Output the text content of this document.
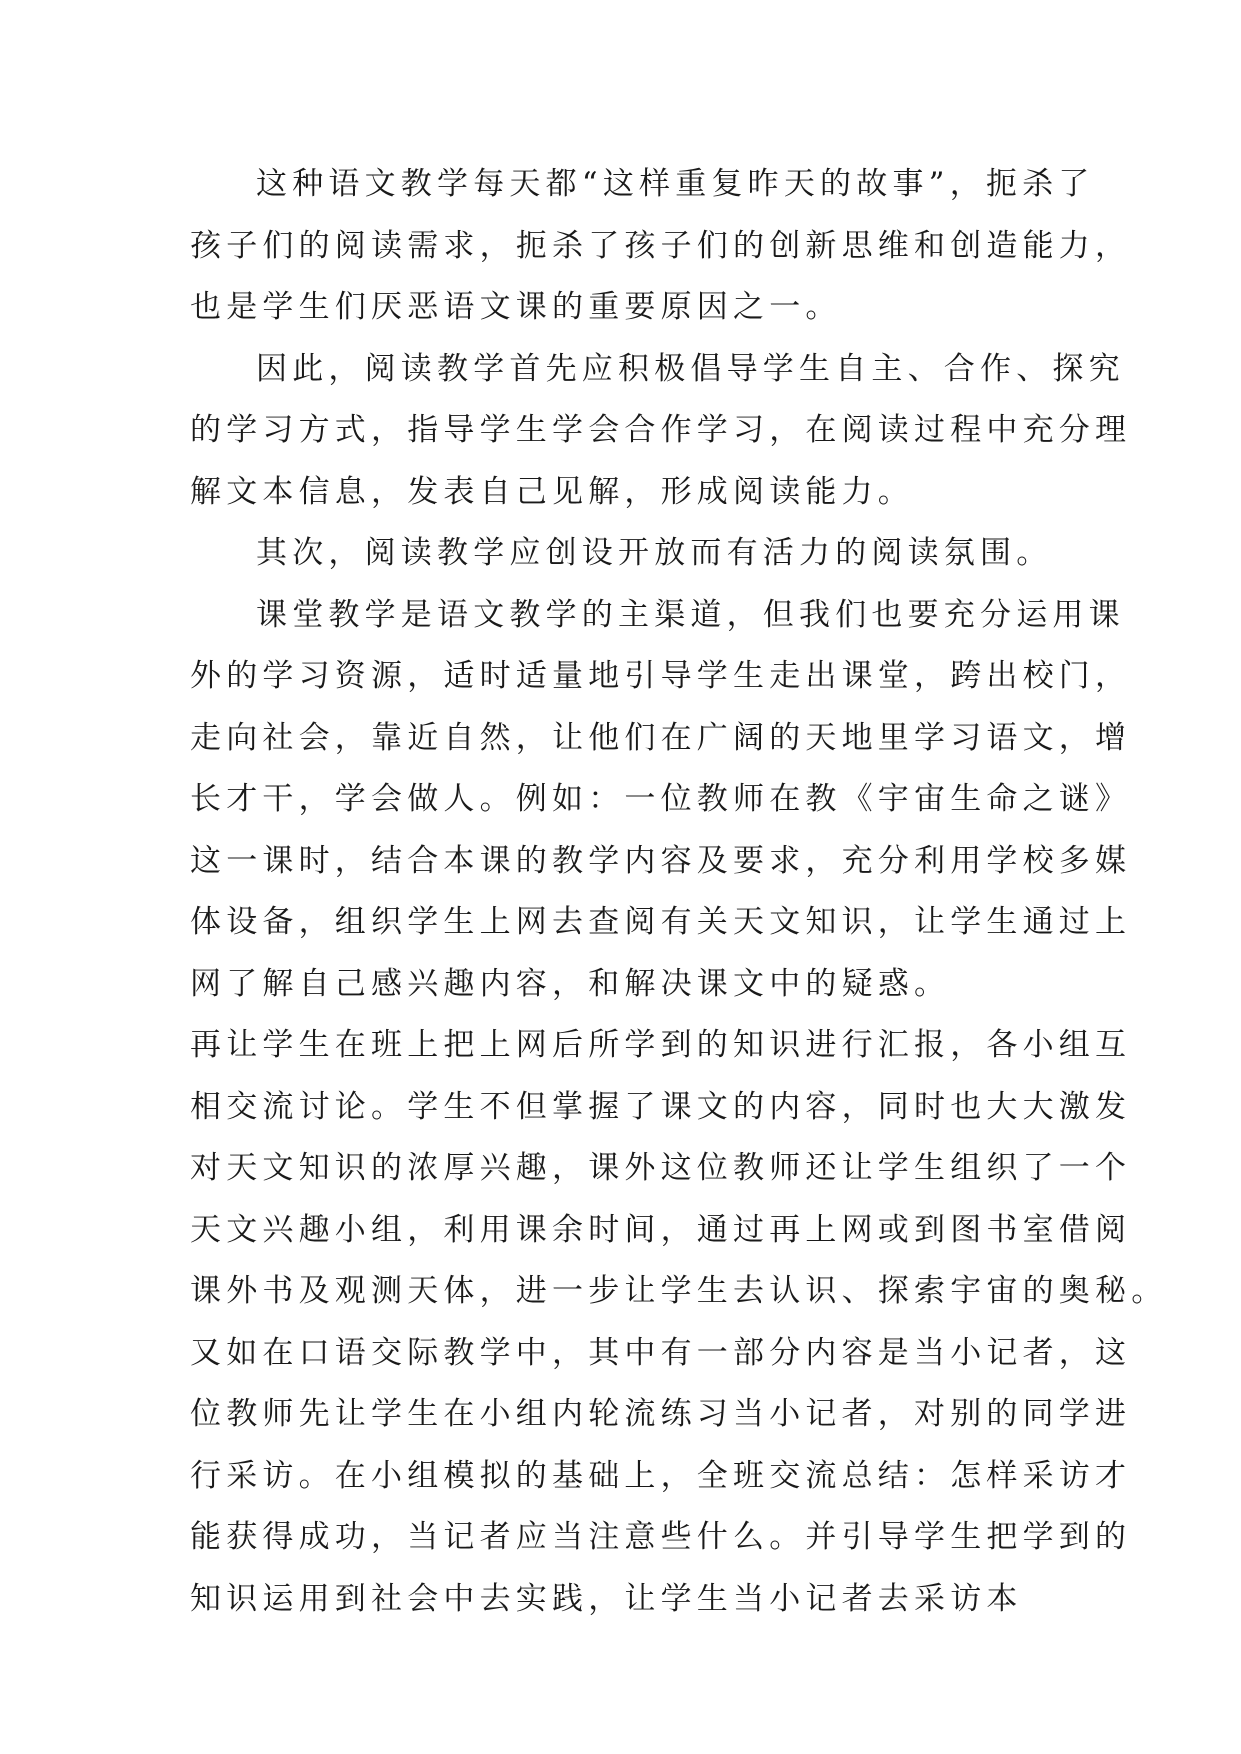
这种语文教学每天都“这样重复昨天的故事”，扼杀了
孩子们的阅读需求，扼杀了孩子们的创新思维和创造能力，
也是学生们厌恶语文课的重要原因之一。
因此，阅读教学首先应积极倡导学生自主、合作、探究
的学习方式，指导学生学会合作学习，在阅读过程中充分理
解文本信息，发表自己见解，形成阅读能力。
其次，阅读教学应创设开放而有活力的阅读氛围。
课堂教学是语文教学的主渠道，但我们也要充分运用课
外的学习资源，适时适量地引导学生走出课堂，跨出校门，
走向社会，靠近自然，让他们在广阔的天地里学习语文，增
长才干，学会做人。例如：一位教师在教《宇宙生命之谜》
这一课时，结合本课的教学内容及要求，充分利用学校多媒
体设备，组织学生上网去查阅有关天文知识，让学生通过上
网了解自己感兴趣内容，和解决课文中的疑惑。
再让学生在班上把上网后所学到的知识进行汇报，各小组互
相交流讨论。学生不但掌握了课文的内容，同时也大大激发
对天文知识的浓厚兴趣，课外这位教师还让学生组织了一个
天文兴趣小组，利用课余时间，通过再上网或到图书室借阅
课外书及观测天体，进一步让学生去认识、探索宇宙的奥秘。
又如在口语交际教学中，其中有一部分内容是当小记者，这
位教师先让学生在小组内轮流练习当小记者，对别的同学进
行采访。在小组模拟的基础上，全班交流总结：怎样采访才
能获得成功，当记者应当注意些什么。并引导学生把学到的
知识运用到社会中去实践，让学生当小记者去采访本
